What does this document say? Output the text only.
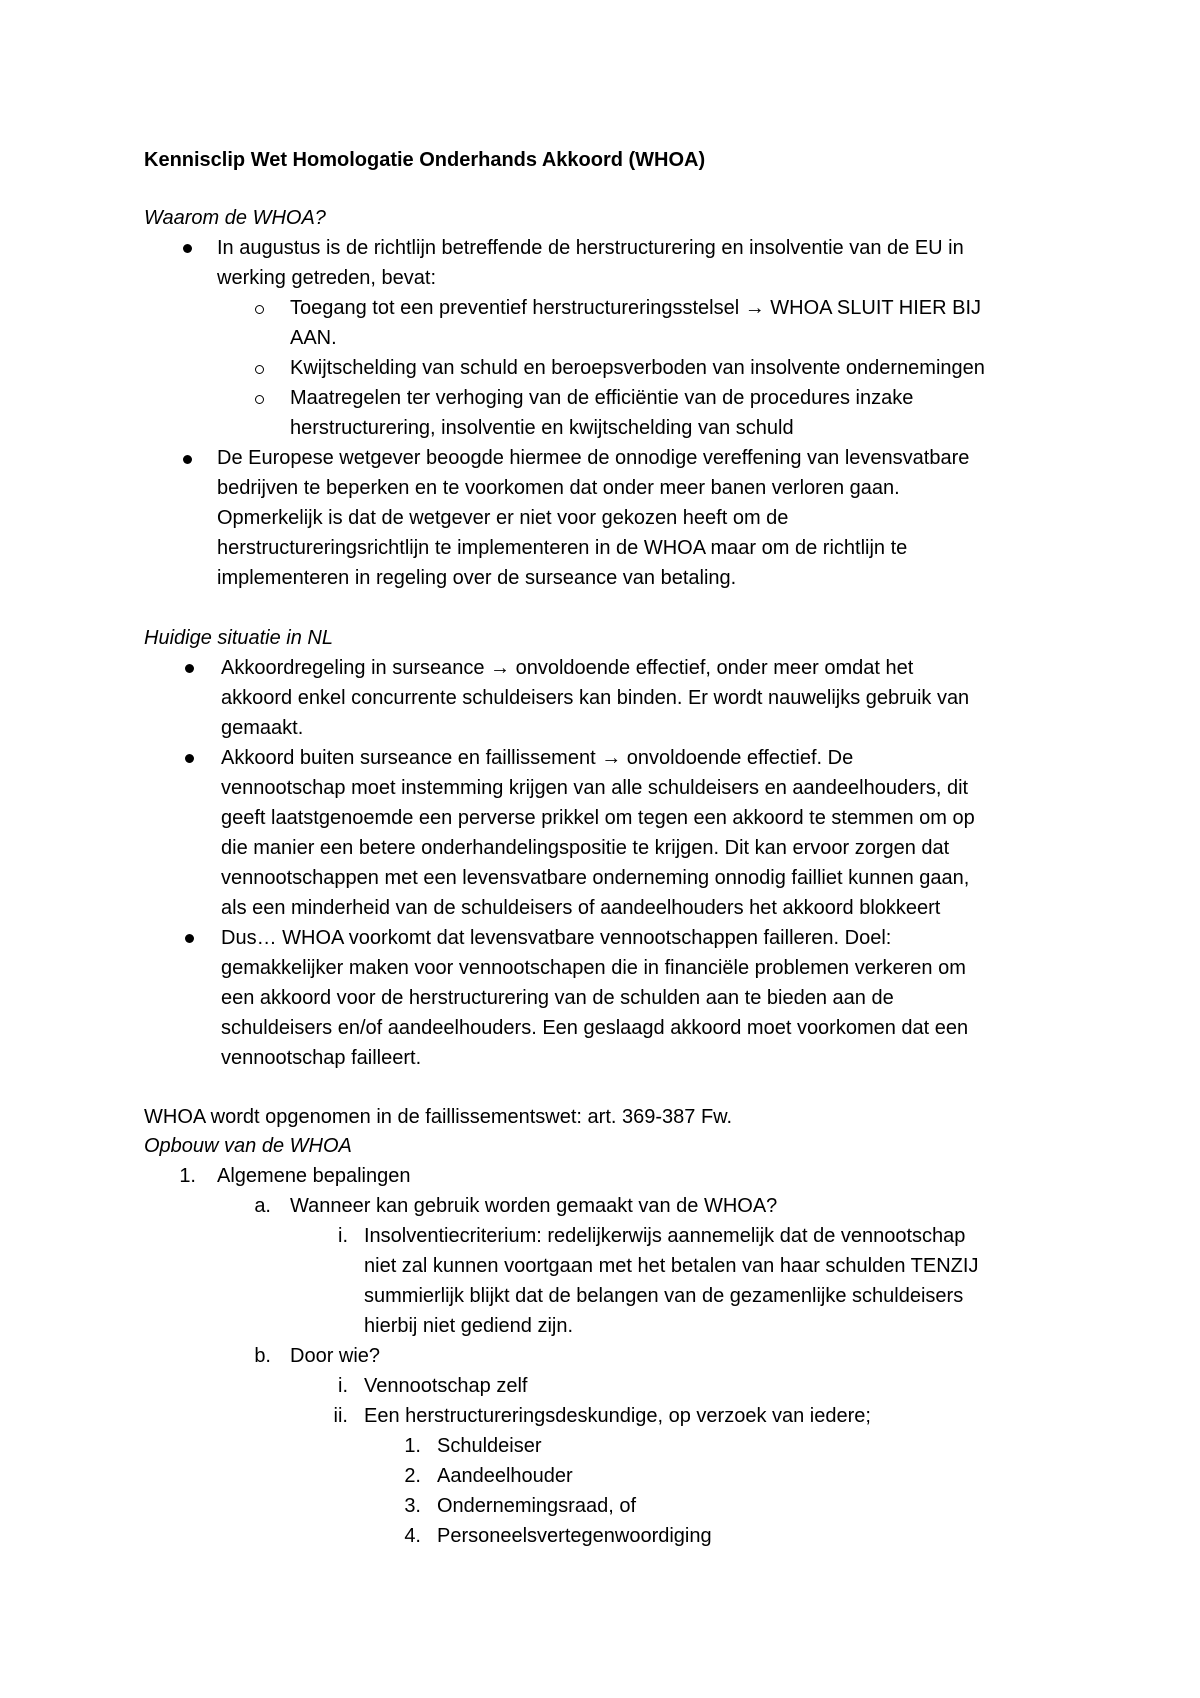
Kennisclip Wet Homologatie Onderhands Akkoord (WHOA)
Waarom de WHOA?
In augustus is de richtlijn betreffende de herstructurering en insolventie van de EU in
werking getreden, bevat:
Toegang tot een preventief herstructureringsstelsel → WHOA SLUIT HIER BIJ
AAN.
Kwijtschelding van schuld en beroepsverboden van insolvente ondernemingen
Maatregelen ter verhoging van de efficiëntie van de procedures inzake
herstructurering, insolventie en kwijtschelding van schuld
De Europese wetgever beoogde hiermee de onnodige vereffening van levensvatbare
bedrijven te beperken en te voorkomen dat onder meer banen verloren gaan.
Opmerkelijk is dat de wetgever er niet voor gekozen heeft om de
herstructureringsrichtlijn te implementeren in de WHOA maar om de richtlijn te
implementeren in regeling over de surseance van betaling.
Huidige situatie in NL
Akkoordregeling in surseance → onvoldoende effectief, onder meer omdat het
akkoord enkel concurrente schuldeisers kan binden. Er wordt nauwelijks gebruik van
gemaakt.
Akkoord buiten surseance en faillissement → onvoldoende effectief. De
vennootschap moet instemming krijgen van alle schuldeisers en aandeelhouders, dit
geeft laatstgenoemde een perverse prikkel om tegen een akkoord te stemmen om op
die manier een betere onderhandelingspositie te krijgen. Dit kan ervoor zorgen dat
vennootschappen met een levensvatbare onderneming onnodig failliet kunnen gaan,
als een minderheid van de schuldeisers of aandeelhouders het akkoord blokkeert
Dus… WHOA voorkomt dat levensvatbare vennootschappen failleren. Doel:
gemakkelijker maken voor vennootschapen die in financiële problemen verkeren om
een akkoord voor de herstructurering van de schulden aan te bieden aan de
schuldeisers en/of aandeelhouders. Een geslaagd akkoord moet voorkomen dat een
vennootschap failleert.
WHOA wordt opgenomen in de faillissementswet: art. 369-387 Fw.
Opbouw van de WHOA
1. Algemene bepalingen
a. Wanneer kan gebruik worden gemaakt van de WHOA?
i. Insolventiecriterium: redelijkerwijs aannemelijk dat de vennootschap
niet zal kunnen voortgaan met het betalen van haar schulden TENZIJ
summierlijk blijkt dat de belangen van de gezamenlijke schuldeisers
hierbij niet gediend zijn.
b. Door wie?
i. Vennootschap zelf
ii. Een herstructureringsdeskundige, op verzoek van iedere;
1. Schuldeiser
2. Aandeelhouder
3. Ondernemingsraad, of
4. Personeelsvertegenwoordiging
